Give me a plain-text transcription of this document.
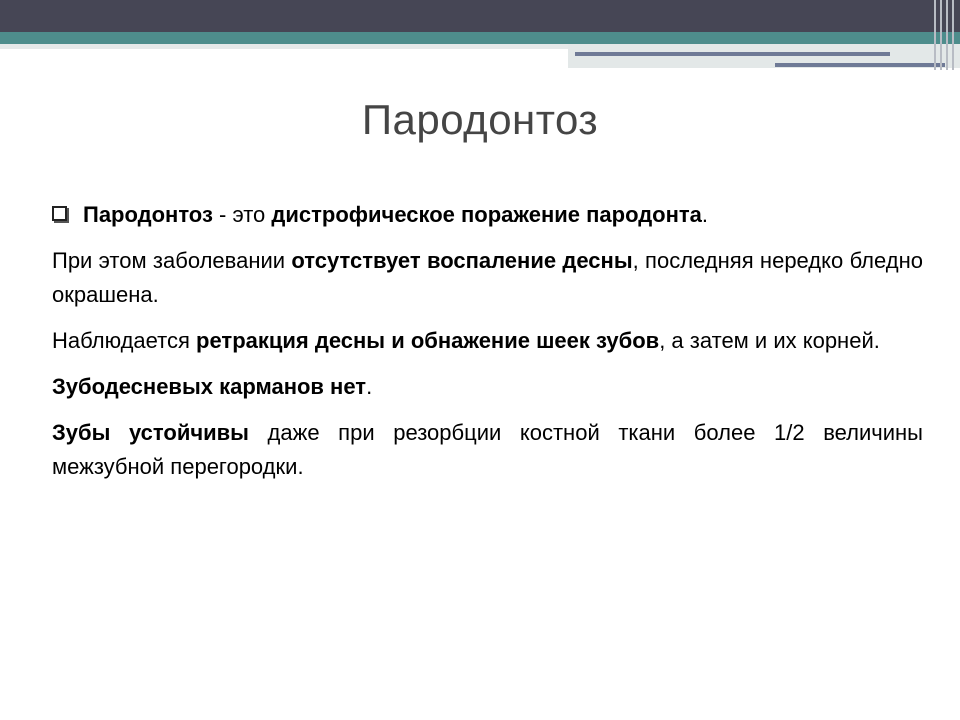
Пародонтоз

Пародонтоз - это дистрофическое поражение пародонта.

При этом заболевании отсутствует воспаление десны, последняя нередко бледно окрашена.

Наблюдается ретракция десны и обнажение шеек зубов, а затем и их корней.

Зубодесневых карманов нет.

Зубы устойчивы даже при резорбции костной ткани более 1/2 величины межзубной перегородки.
